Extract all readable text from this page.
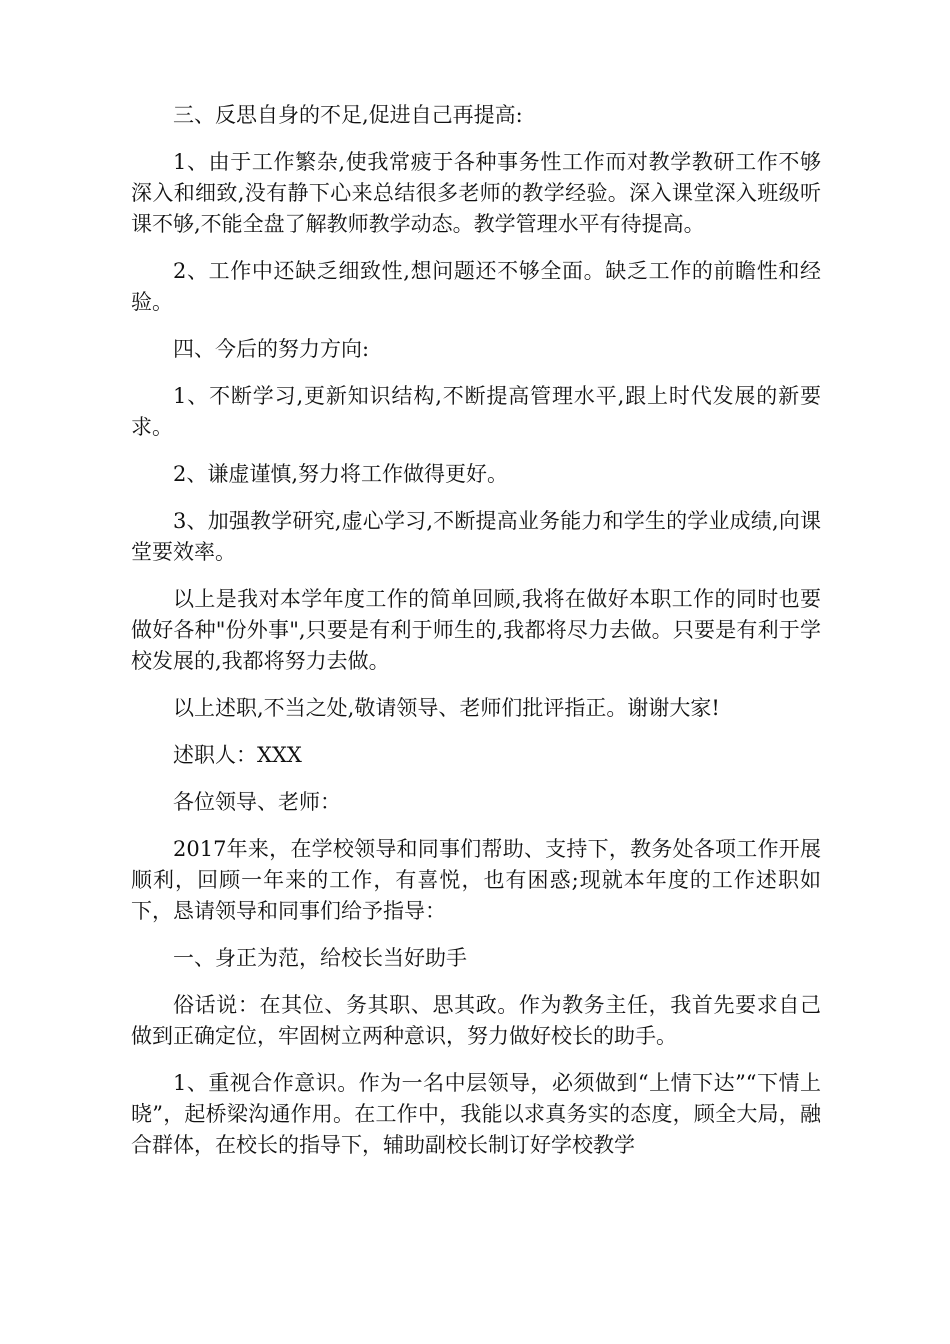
三、反思自身的不足,促进自己再提高:

1、由于工作繁杂,使我常疲于各种事务性工作而对教学教研工作不够深入和细致,没有静下心来总结很多老师的教学经验。深入课堂深入班级听课不够,不能全盘了解教师教学动态。教学管理水平有待提高。

2、工作中还缺乏细致性,想问题还不够全面。缺乏工作的前瞻性和经验。

四、今后的努力方向:

1、不断学习,更新知识结构,不断提高管理水平,跟上时代发展的新要求。

2、谦虚谨慎,努力将工作做得更好。

3、加强教学研究,虚心学习,不断提高业务能力和学生的学业成绩,向课堂要效率。

以上是我对本学年度工作的简单回顾,我将在做好本职工作的同时也要做好各种"份外事",只要是有利于师生的,我都将尽力去做。只要是有利于学校发展的,我都将努力去做。

以上述职,不当之处,敬请领导、老师们批评指正。谢谢大家!

述职人：XXX

各位领导、老师：

2017年来，在学校领导和同事们帮助、支持下，教务处各项工作开展顺利，回顾一年来的工作，有喜悦，也有困惑;现就本年度的工作述职如下，恳请领导和同事们给予指导：

一、身正为范，给校长当好助手

俗话说：在其位、务其职、思其政。作为教务主任，我首先要求自己做到正确定位，牢固树立两种意识，努力做好校长的助手。

1、重视合作意识。作为一名中层领导，必须做到“上情下达”“下情上晓”，起桥梁沟通作用。在工作中，我能以求真务实的态度，顾全大局，融合群体，在校长的指导下，辅助副校长制订好学校教学
